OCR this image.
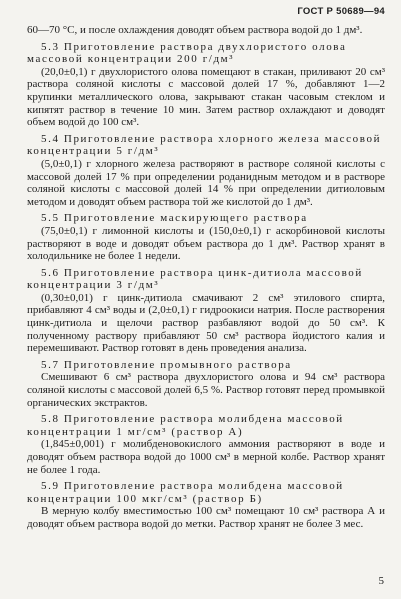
ГОСТ Р 50689—94

60—70 °С, и после охлаждения доводят объем раствора водой до 1 дм³.

5.3 Приготовление раствора двухлористого олова массовой концентрации 200 г/дм³

(20,0±0,1) г двухлористого олова помещают в стакан, приливают 20 см³ раствора соляной кислоты с массовой долей 17 %, добавляют 1—2 крупинки металлического олова, закрывают стакан часовым стеклом и кипятят раствор в течение 10 мин. Затем раствор охлаждают и доводят объем водой до 100 см³.

5.4 Приготовление раствора хлорного железа массовой концентрации 5 г/дм³

(5,0±0,1) г хлорного железа растворяют в растворе соляной кислоты с массовой долей 17 % при определении роданидным методом и в растворе соляной кислоты с массовой долей 14 % при определении дитиоловым методом и доводят объем раствора той же кислотой до 1 дм³.

5.5 Приготовление маскирующего раствора

(75,0±0,1) г лимонной кислоты и (150,0±0,1) г аскорбиновой кислоты растворяют в воде и доводят объем раствора до 1 дм³. Раствор хранят в холодильнике не более 1 недели.

5.6 Приготовление раствора цинк-дитиола массовой концентрации 3 г/дм³

(0,30±0,01) г цинк-дитиола смачивают 2 см³ этилового спирта, прибавляют 4 см³ воды и (2,0±0,1) г гидроокиси натрия. После растворения цинк-дитиола и щелочи раствор разбавляют водой до 50 см³. К полученному раствору прибавляют 50 см³ раствора йодистого калия и перемешивают. Раствор готовят в день проведения анализа.

5.7 Приготовление промывного раствора

Смешивают 6 см³ раствора двухлористого олова и 94 см³ раствора соляной кислоты с массовой долей 6,5 %. Раствор готовят перед промывкой органических экстрактов.

5.8 Приготовление раствора молибдена массовой концентрации 1 мг/см³ (раствор А)

(1,845±0,001) г молибденовокислого аммония растворяют в воде и доводят объем раствора водой до 1000 см³ в мерной колбе. Раствор хранят не более 1 года.

5.9 Приготовление раствора молибдена массовой концентрации 100 мкг/см³ (раствор Б)

В мерную колбу вместимостью 100 см³ помещают 10 см³ раствора А и доводят объем раствора водой до метки. Раствор хранят не более 3 мес.

5
